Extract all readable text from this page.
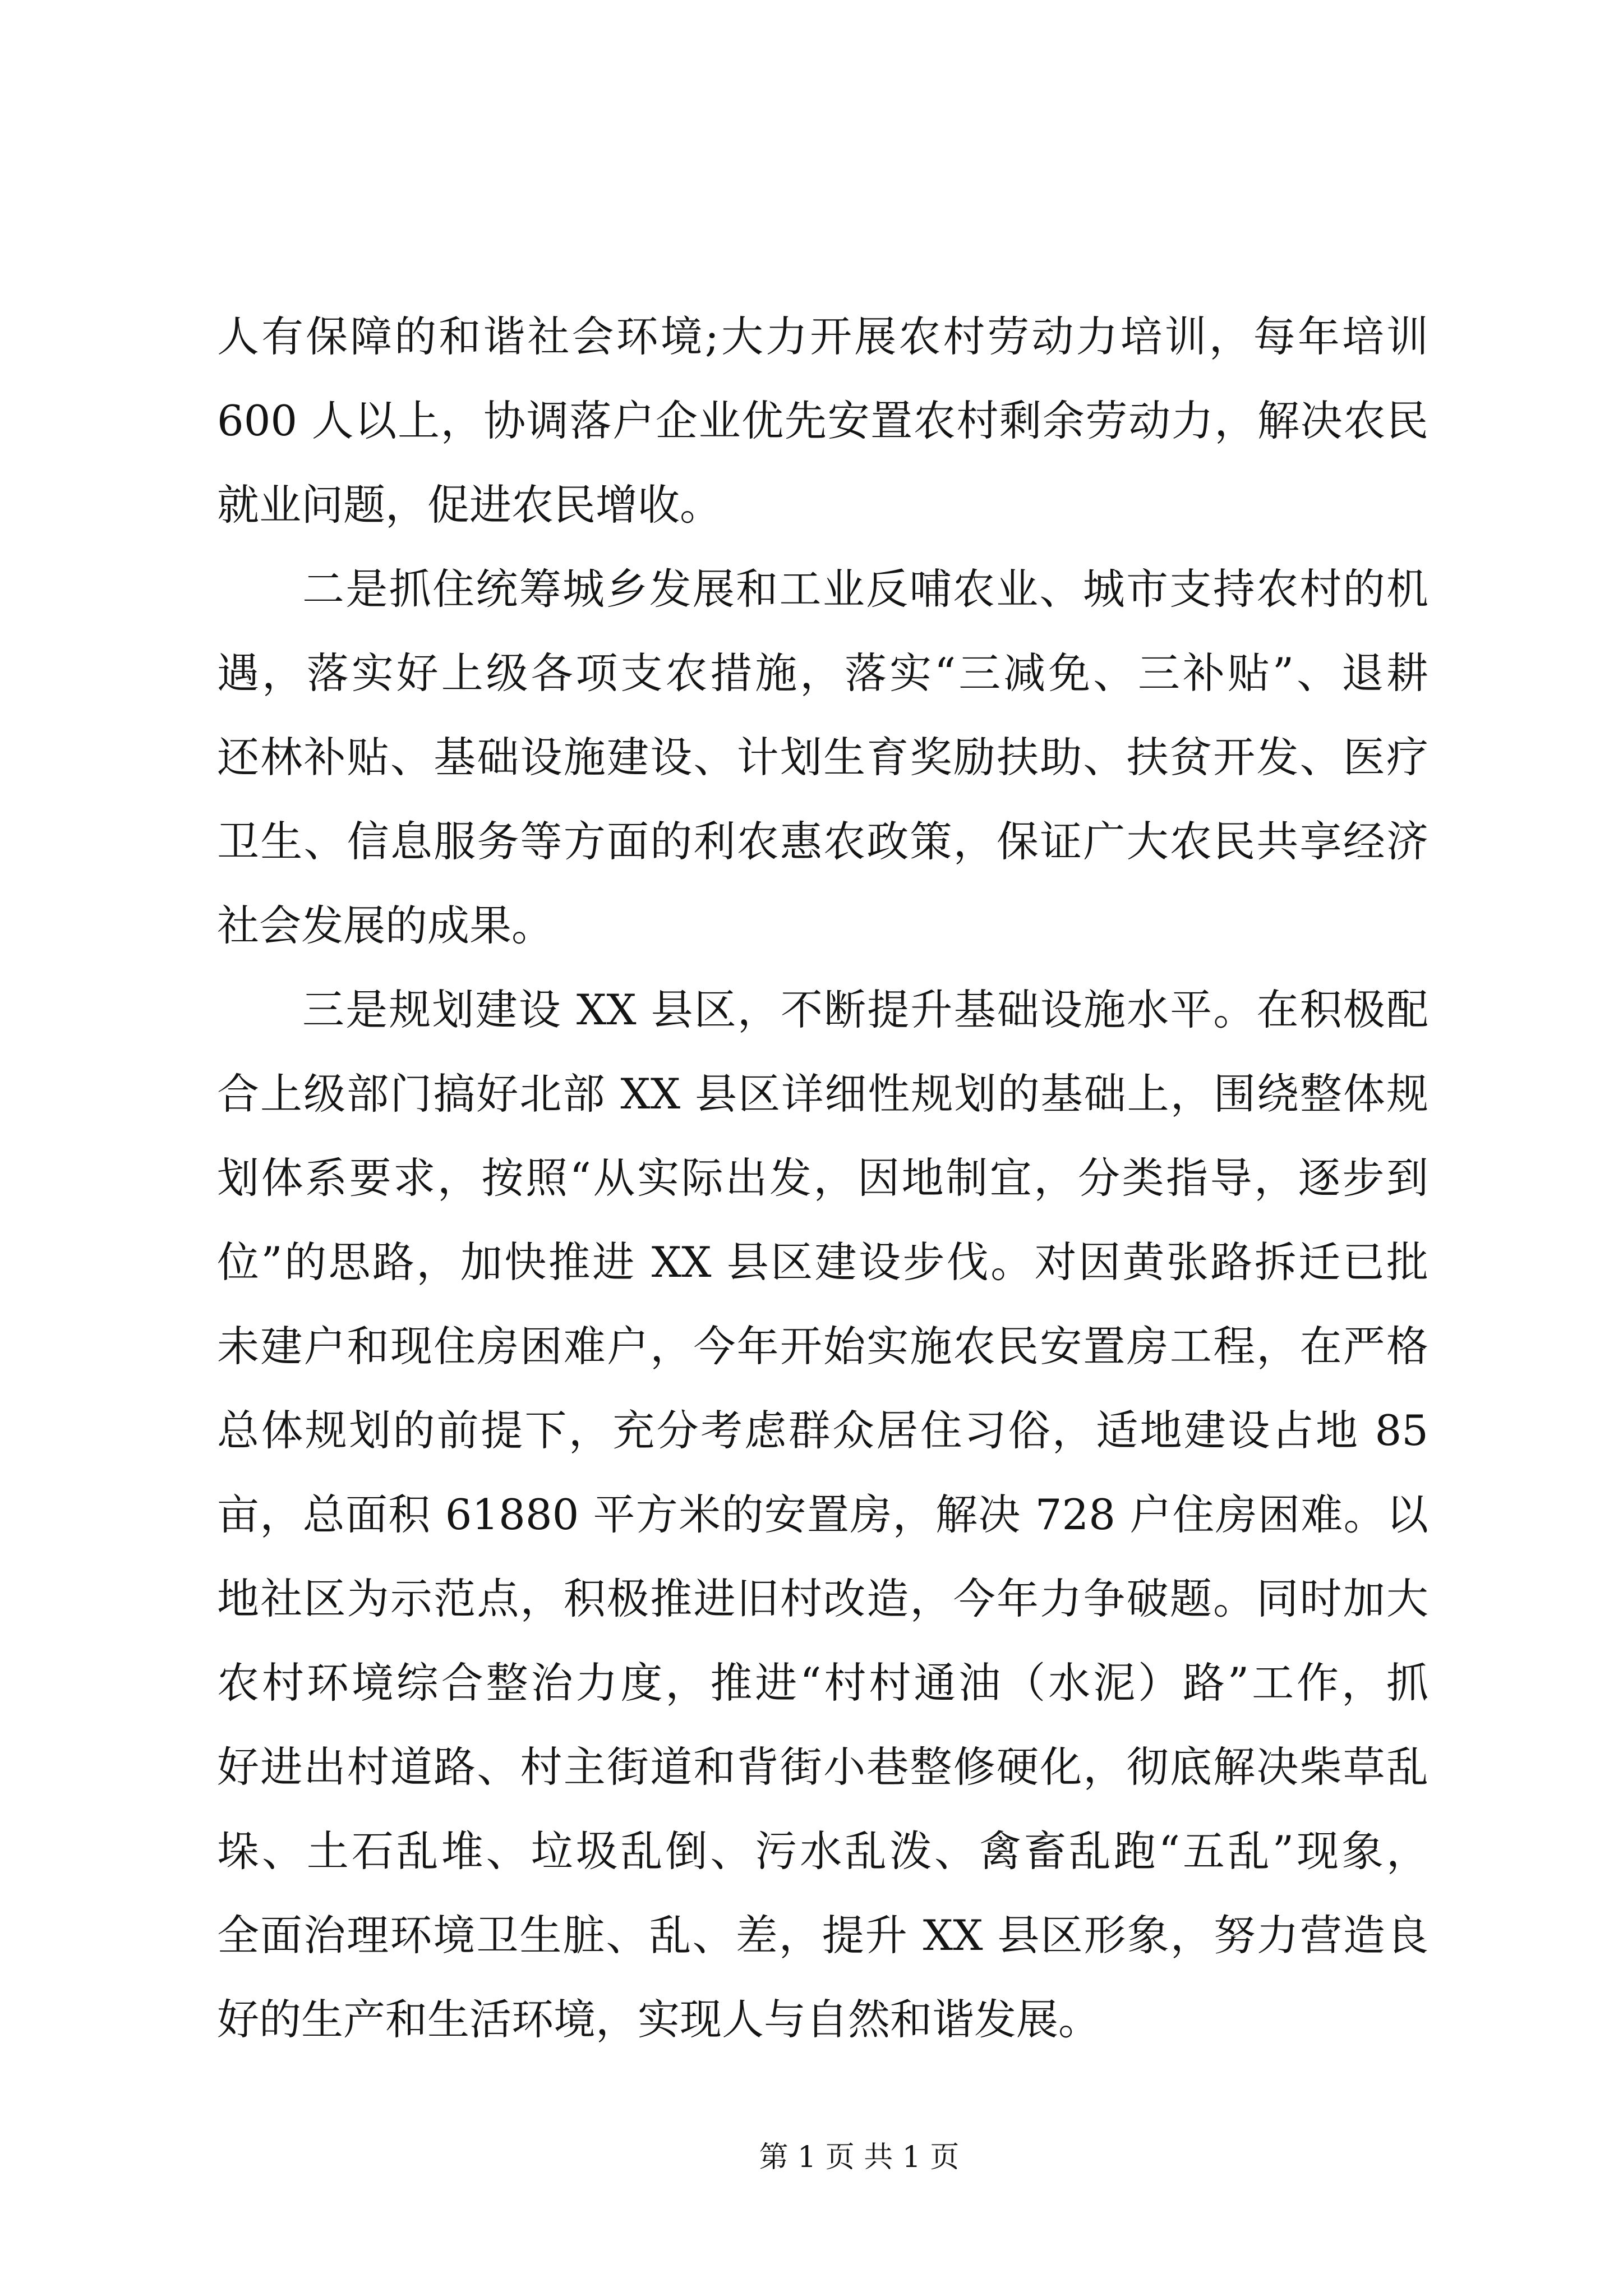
人有保障的和谐社会环境;大力开展农村劳动力培训，每年培训
600 人以上，协调落户企业优先安置农村剩余劳动力，解决农民
就业问题，促进农民增收。
二是抓住统筹城乡发展和工业反哺农业、城市支持农村的机
遇，落实好上级各项支农措施，落实“三减免、三补贴”、退耕
还林补贴、基础设施建设、计划生育奖励扶助、扶贫开发、医疗
卫生、信息服务等方面的利农惠农政策，保证广大农民共享经济
社会发展的成果。
三是规划建设 XX 县区，不断提升基础设施水平。在积极配
合上级部门搞好北部 XX 县区详细性规划的基础上，围绕整体规
划体系要求，按照“从实际出发，因地制宜，分类指导，逐步到
位”的思路，加快推进 XX 县区建设步伐。对因黄张路拆迁已批
未建户和现住房困难户，今年开始实施农民安置房工程，在严格
总体规划的前提下，充分考虑群众居住习俗，适地建设占地 85
亩，总面积 61880 平方米的安置房，解决 728 户住房困难。以
地社区为示范点，积极推进旧村改造，今年力争破题。同时加大
农村环境综合整治力度，推进“村村通油（水泥）路”工作，抓
好进出村道路、村主街道和背街小巷整修硬化，彻底解决柴草乱
垛、土石乱堆、垃圾乱倒、污水乱泼、禽畜乱跑“五乱”现象，
全面治理环境卫生脏、乱、差，提升 XX 县区形象，努力营造良
好的生产和生活环境，实现人与自然和谐发展。
第 1 页 共 1 页
